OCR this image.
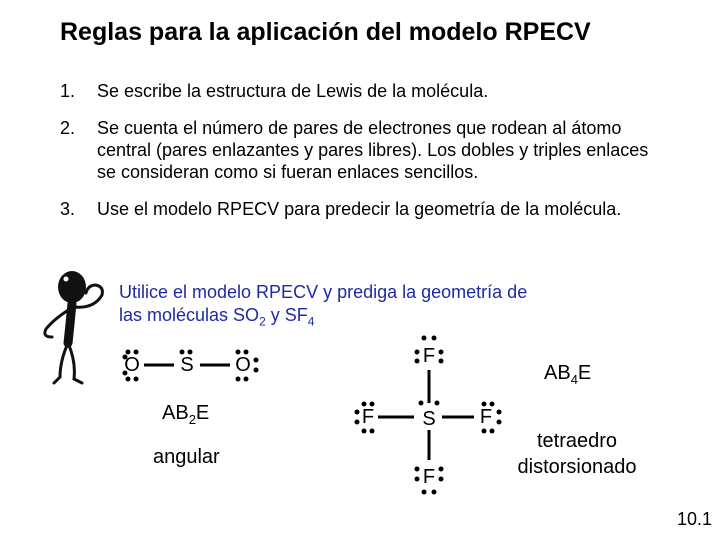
Reglas para la aplicación del modelo RPECV
1. Se escribe la estructura de Lewis de la molécula.
2. Se cuenta el número de pares de electrones que rodean al átomo central (pares enlazantes y pares libres). Los dobles y triples enlaces se consideran como si fueran enlaces sencillos.
3. Use el modelo RPECV para predecir la geometría de la molécula.

Utilice el modelo RPECV y prediga la geometría de
las moléculas $SO_2$ y $SF_4$

O S O
$AB_2E$
angular
F
F S F
F
$AB_4E$
tetraedro
distorsionado
10.1
